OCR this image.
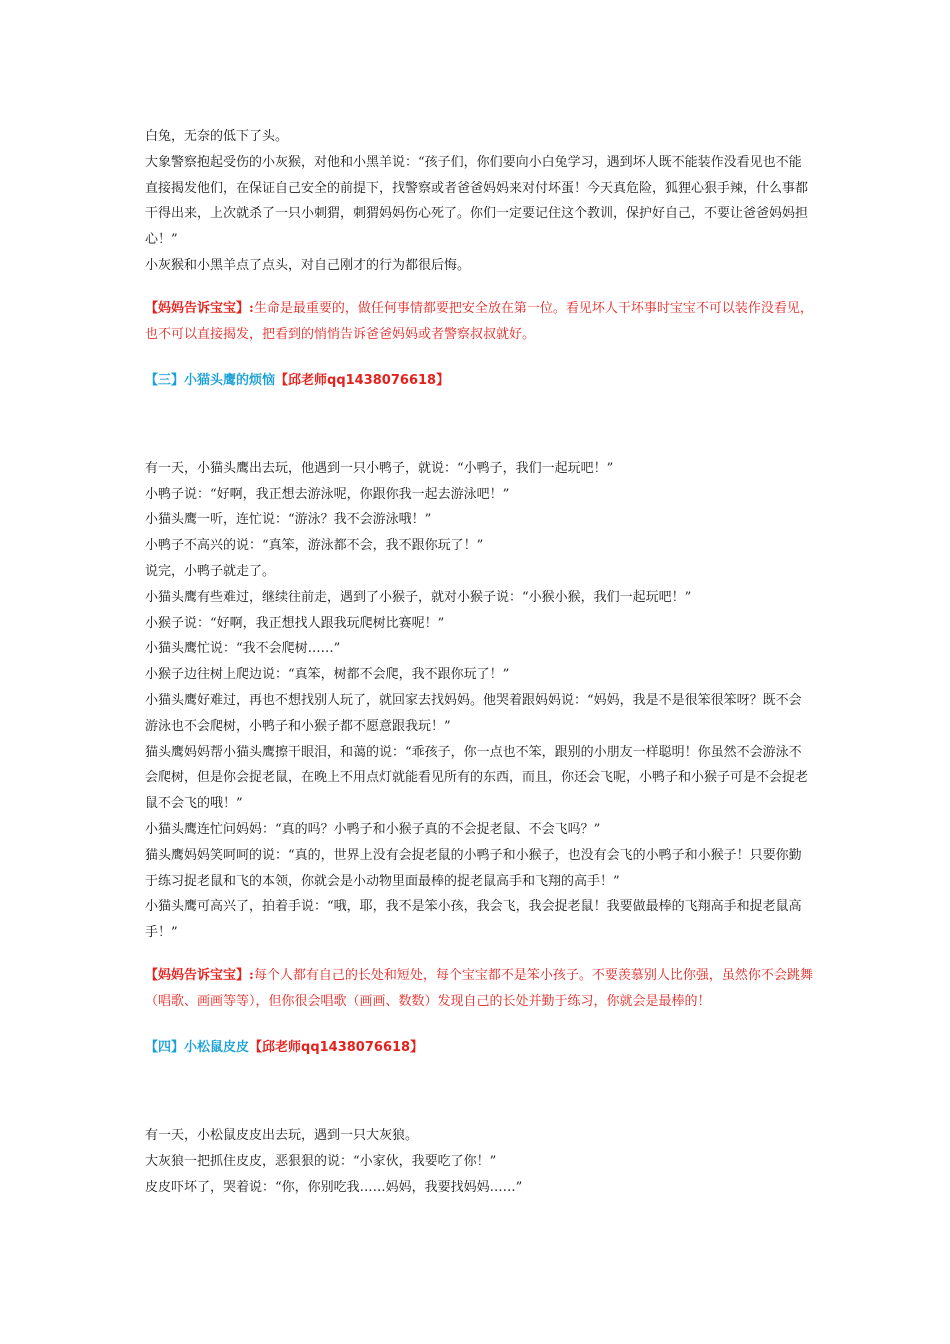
白兔，无奈的低下了头。

大象警察抱起受伤的小灰猴，对他和小黑羊说：“孩子们，你们要向小白兔学习，遇到坏人既不能装作没看见也不能直接揭发他们，在保证自己安全的前提下，找警察或者爸爸妈妈来对付坏蛋！今天真危险，狐狸心狠手辣，什么事都干得出来，上次就杀了一只小刺猬，刺猬妈妈伤心死了。你们一定要记住这个教训，保护好自己，不要让爸爸妈妈担心！”

小灰猴和小黑羊点了点头，对自己刚才的行为都很后悔。

【妈妈告诉宝宝】:生命是最重要的，做任何事情都要把安全放在第一位。看见坏人干坏事时宝宝不可以装作没看见，也不可以直接揭发，把看到的悄悄告诉爸爸妈妈或者警察叔叔就好。

【三】小猫头鹰的烦恼【邱老师qq1438076618】

有一天，小猫头鹰出去玩，他遇到一只小鸭子，就说：“小鸭子，我们一起玩吧！”

小鸭子说：“好啊，我正想去游泳呢，你跟你我一起去游泳吧！”

小猫头鹰一听，连忙说：“游泳？我不会游泳哦！”

小鸭子不高兴的说：“真笨，游泳都不会，我不跟你玩了！”

说完，小鸭子就走了。

小猫头鹰有些难过，继续往前走，遇到了小猴子，就对小猴子说：“小猴小猴，我们一起玩吧！”

小猴子说：“好啊，我正想找人跟我玩爬树比赛呢！”

小猫头鹰忙说：“我不会爬树……”

小猴子边往树上爬边说：“真笨，树都不会爬，我不跟你玩了！”

小猫头鹰好难过，再也不想找别人玩了，就回家去找妈妈。他哭着跟妈妈说：“妈妈，我是不是很笨很笨呀？既不会游泳也不会爬树，小鸭子和小猴子都不愿意跟我玩！”

猫头鹰妈妈帮小猫头鹰擦干眼泪，和蔼的说：“乖孩子，你一点也不笨，跟别的小朋友一样聪明！你虽然不会游泳不会爬树，但是你会捉老鼠，在晚上不用点灯就能看见所有的东西，而且，你还会飞呢，小鸭子和小猴子可是不会捉老鼠不会飞的哦！”

小猫头鹰连忙问妈妈：“真的吗？小鸭子和小猴子真的不会捉老鼠、不会飞吗？”

猫头鹰妈妈笑呵呵的说：“真的，世界上没有会捉老鼠的小鸭子和小猴子，也没有会飞的小鸭子和小猴子！只要你勤于练习捉老鼠和飞的本领，你就会是小动物里面最棒的捉老鼠高手和飞翔的高手！”

小猫头鹰可高兴了，拍着手说：“哦，耶，我不是笨小孩，我会飞，我会捉老鼠！我要做最棒的飞翔高手和捉老鼠高手！”

【妈妈告诉宝宝】:每个人都有自己的长处和短处，每个宝宝都不是笨小孩子。不要羡慕别人比你强，虽然你不会跳舞（唱歌、画画等等），但你很会唱歌（画画、数数）发现自己的长处并勤于练习，你就会是最棒的！

【四】小松鼠皮皮【邱老师qq1438076618】

有一天，小松鼠皮皮出去玩，遇到一只大灰狼。

大灰狼一把抓住皮皮，恶狠狠的说：“小家伙，我要吃了你！”

皮皮吓坏了，哭着说：“你，你别吃我……妈妈，我要找妈妈……”
